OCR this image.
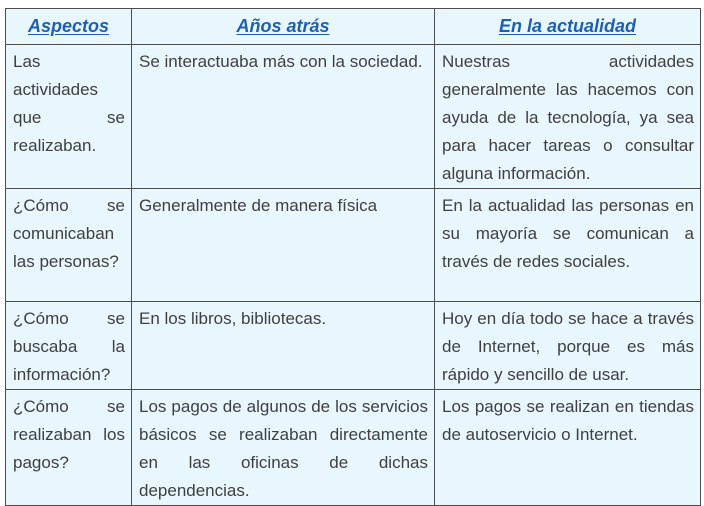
Aspectos	Años atrás	En la actualidad
Las actividades que se realizaban.	Se interactuaba más con la sociedad.	Nuestras actividades generalmente las hacemos con ayuda de la tecnología, ya sea para hacer tareas o consultar alguna información.
¿Cómo se comunicaban las personas?	Generalmente de manera física	En la actualidad las personas en su mayoría se comunican a través de redes sociales.
¿Cómo se buscaba la información?	En los libros, bibliotecas.	Hoy en día todo se hace a través de Internet, porque es más rápido y sencillo de usar.
¿Cómo se realizaban los pagos?	Los pagos de algunos de los servicios básicos se realizaban directamente en las oficinas de dichas dependencias.	Los pagos se realizan en tiendas de autoservicio o Internet.
